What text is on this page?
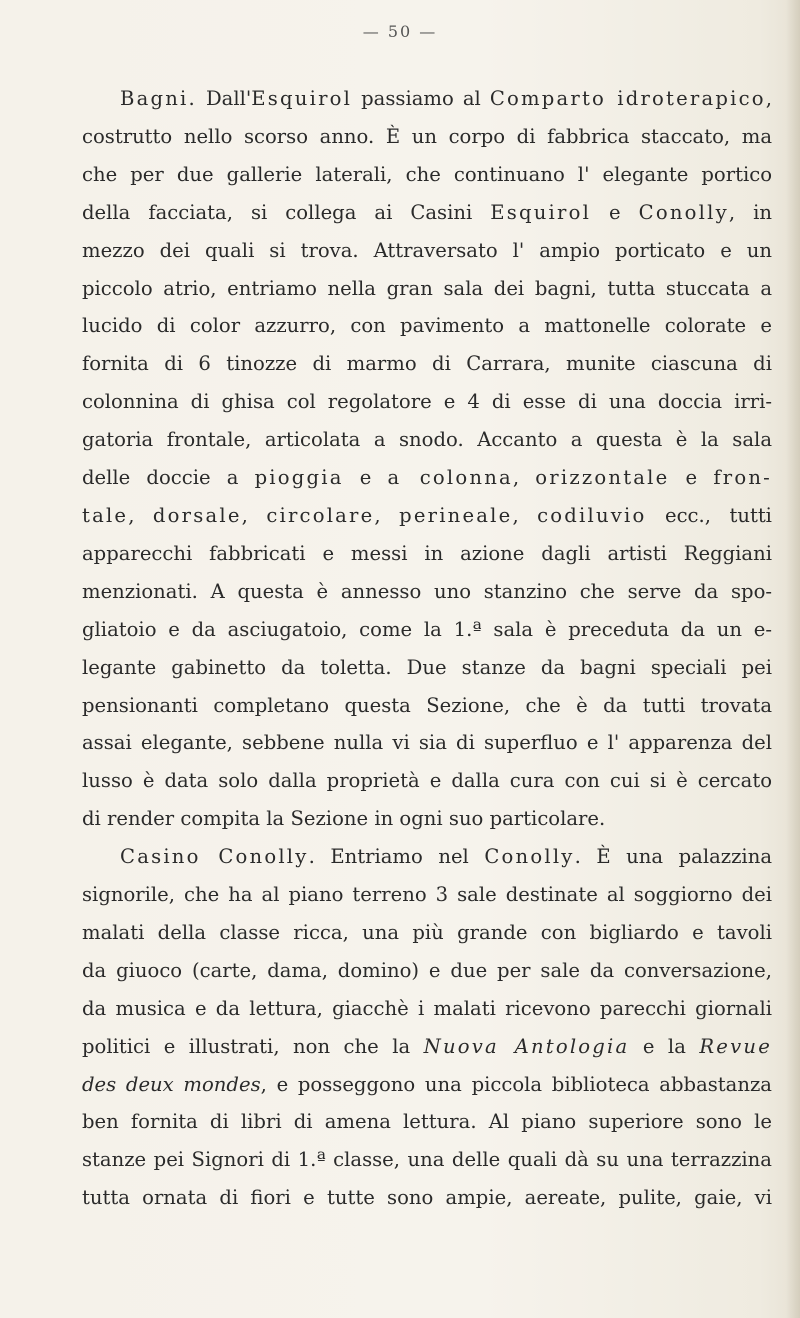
— 50 —
Bagni. Dall'Esquirol passiamo al Comparto idroterapico,
costrutto nello scorso anno. È un corpo di fabbrica staccato, ma
che per due gallerie laterali, che continuano l' elegante portico
della facciata, si collega ai Casini Esquirol e Conolly, in
mezzo dei quali si trova. Attraversato l' ampio porticato e un
piccolo atrio, entriamo nella gran sala dei bagni, tutta stuccata a
lucido di color azzurro, con pavimento a mattonelle colorate e
fornita di 6 tinozze di marmo di Carrara, munite ciascuna di
colonnina di ghisa col regolatore e 4 di esse di una doccia irri-
gatoria frontale, articolata a snodo. Accanto a questa è la sala
delle doccie a pioggia e a colonna, orizzontale e fron-
tale, dorsale, circolare, perineale, codiluvio ecc., tutti
apparecchi fabbricati e messi in azione dagli artisti Reggiani
menzionati. A questa è annesso uno stanzino che serve da spo-
gliatoio e da asciugatoio, come la 1.ª sala è preceduta da un e-
legante gabinetto da toletta. Due stanze da bagni speciali pei
pensionanti completano questa Sezione, che è da tutti trovata
assai elegante, sebbene nulla vi sia di superfluo e l' apparenza del
lusso è data solo dalla proprietà e dalla cura con cui si è cercato
di render compita la Sezione in ogni suo particolare.
Casino Conolly. Entriamo nel Conolly. È una palazzina
signorile, che ha al piano terreno 3 sale destinate al soggiorno dei
malati della classe ricca, una più grande con bigliardo e tavoli
da giuoco (carte, dama, domino) e due per sale da conversazione,
da musica e da lettura, giacchè i malati ricevono parecchi giornali
politici e illustrati, non che la Nuova Antologia e la Revue
des deux mondes, e posseggono una piccola biblioteca abbastanza
ben fornita di libri di amena lettura. Al piano superiore sono le
stanze pei Signori di 1.ª classe, una delle quali dà su una terrazzina
tutta ornata di fiori e tutte sono ampie, aereate, pulite, gaie, vi
